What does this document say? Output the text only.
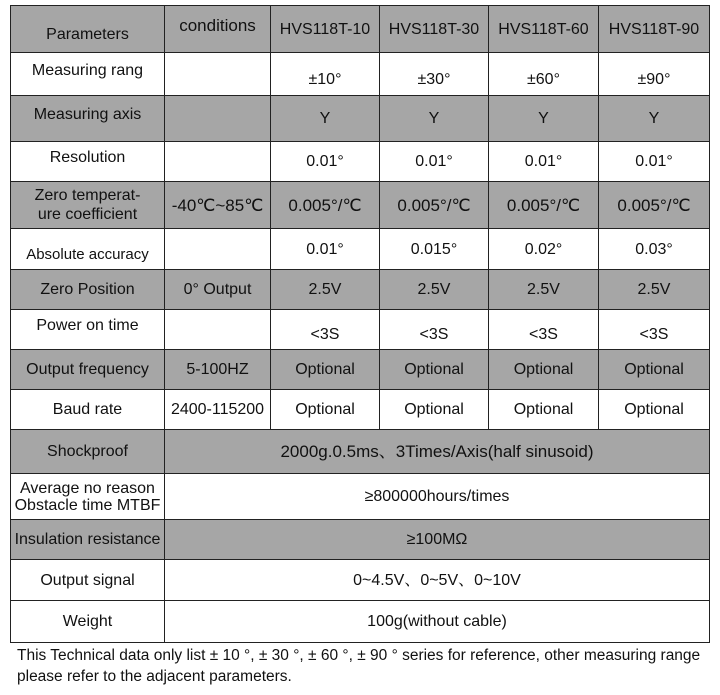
Parameters	conditions	HVS118T-10	HVS118T-30	HVS118T-60	HVS118T-90
Measuring rang		±10°	±30°	±60°	±90°
Measuring axis		Y	Y	Y	Y
Resolution		0.01°	0.01°	0.01°	0.01°
Zero temperat-
ure coefficient	-40℃~85℃	0.005°/℃	0.005°/℃	0.005°/℃	0.005°/℃
Absolute accuracy		0.01°	0.015°	0.02°	0.03°
Zero Position	0° Output	2.5V	2.5V	2.5V	2.5V
Power on time		<3S	<3S	<3S	<3S
Output frequency	5-100HZ	Optional	Optional	Optional	Optional
Baud rate	2400-115200	Optional	Optional	Optional	Optional
Shockproof	2000g.0.5ms、3Times/Axis(half sinusoid)				
Average no reason
Obstacle time MTBF	≥800000hours/times				
Insulation resistance	≥100MΩ				
Output signal	0~4.5V、0~5V、0~10V				
Weight	100g(without cable)				
This Technical data only list ± 10 °, ± 30 °, ± 60 °, ± 90 ° series for reference, other measuring range please refer to the adjacent parameters.
